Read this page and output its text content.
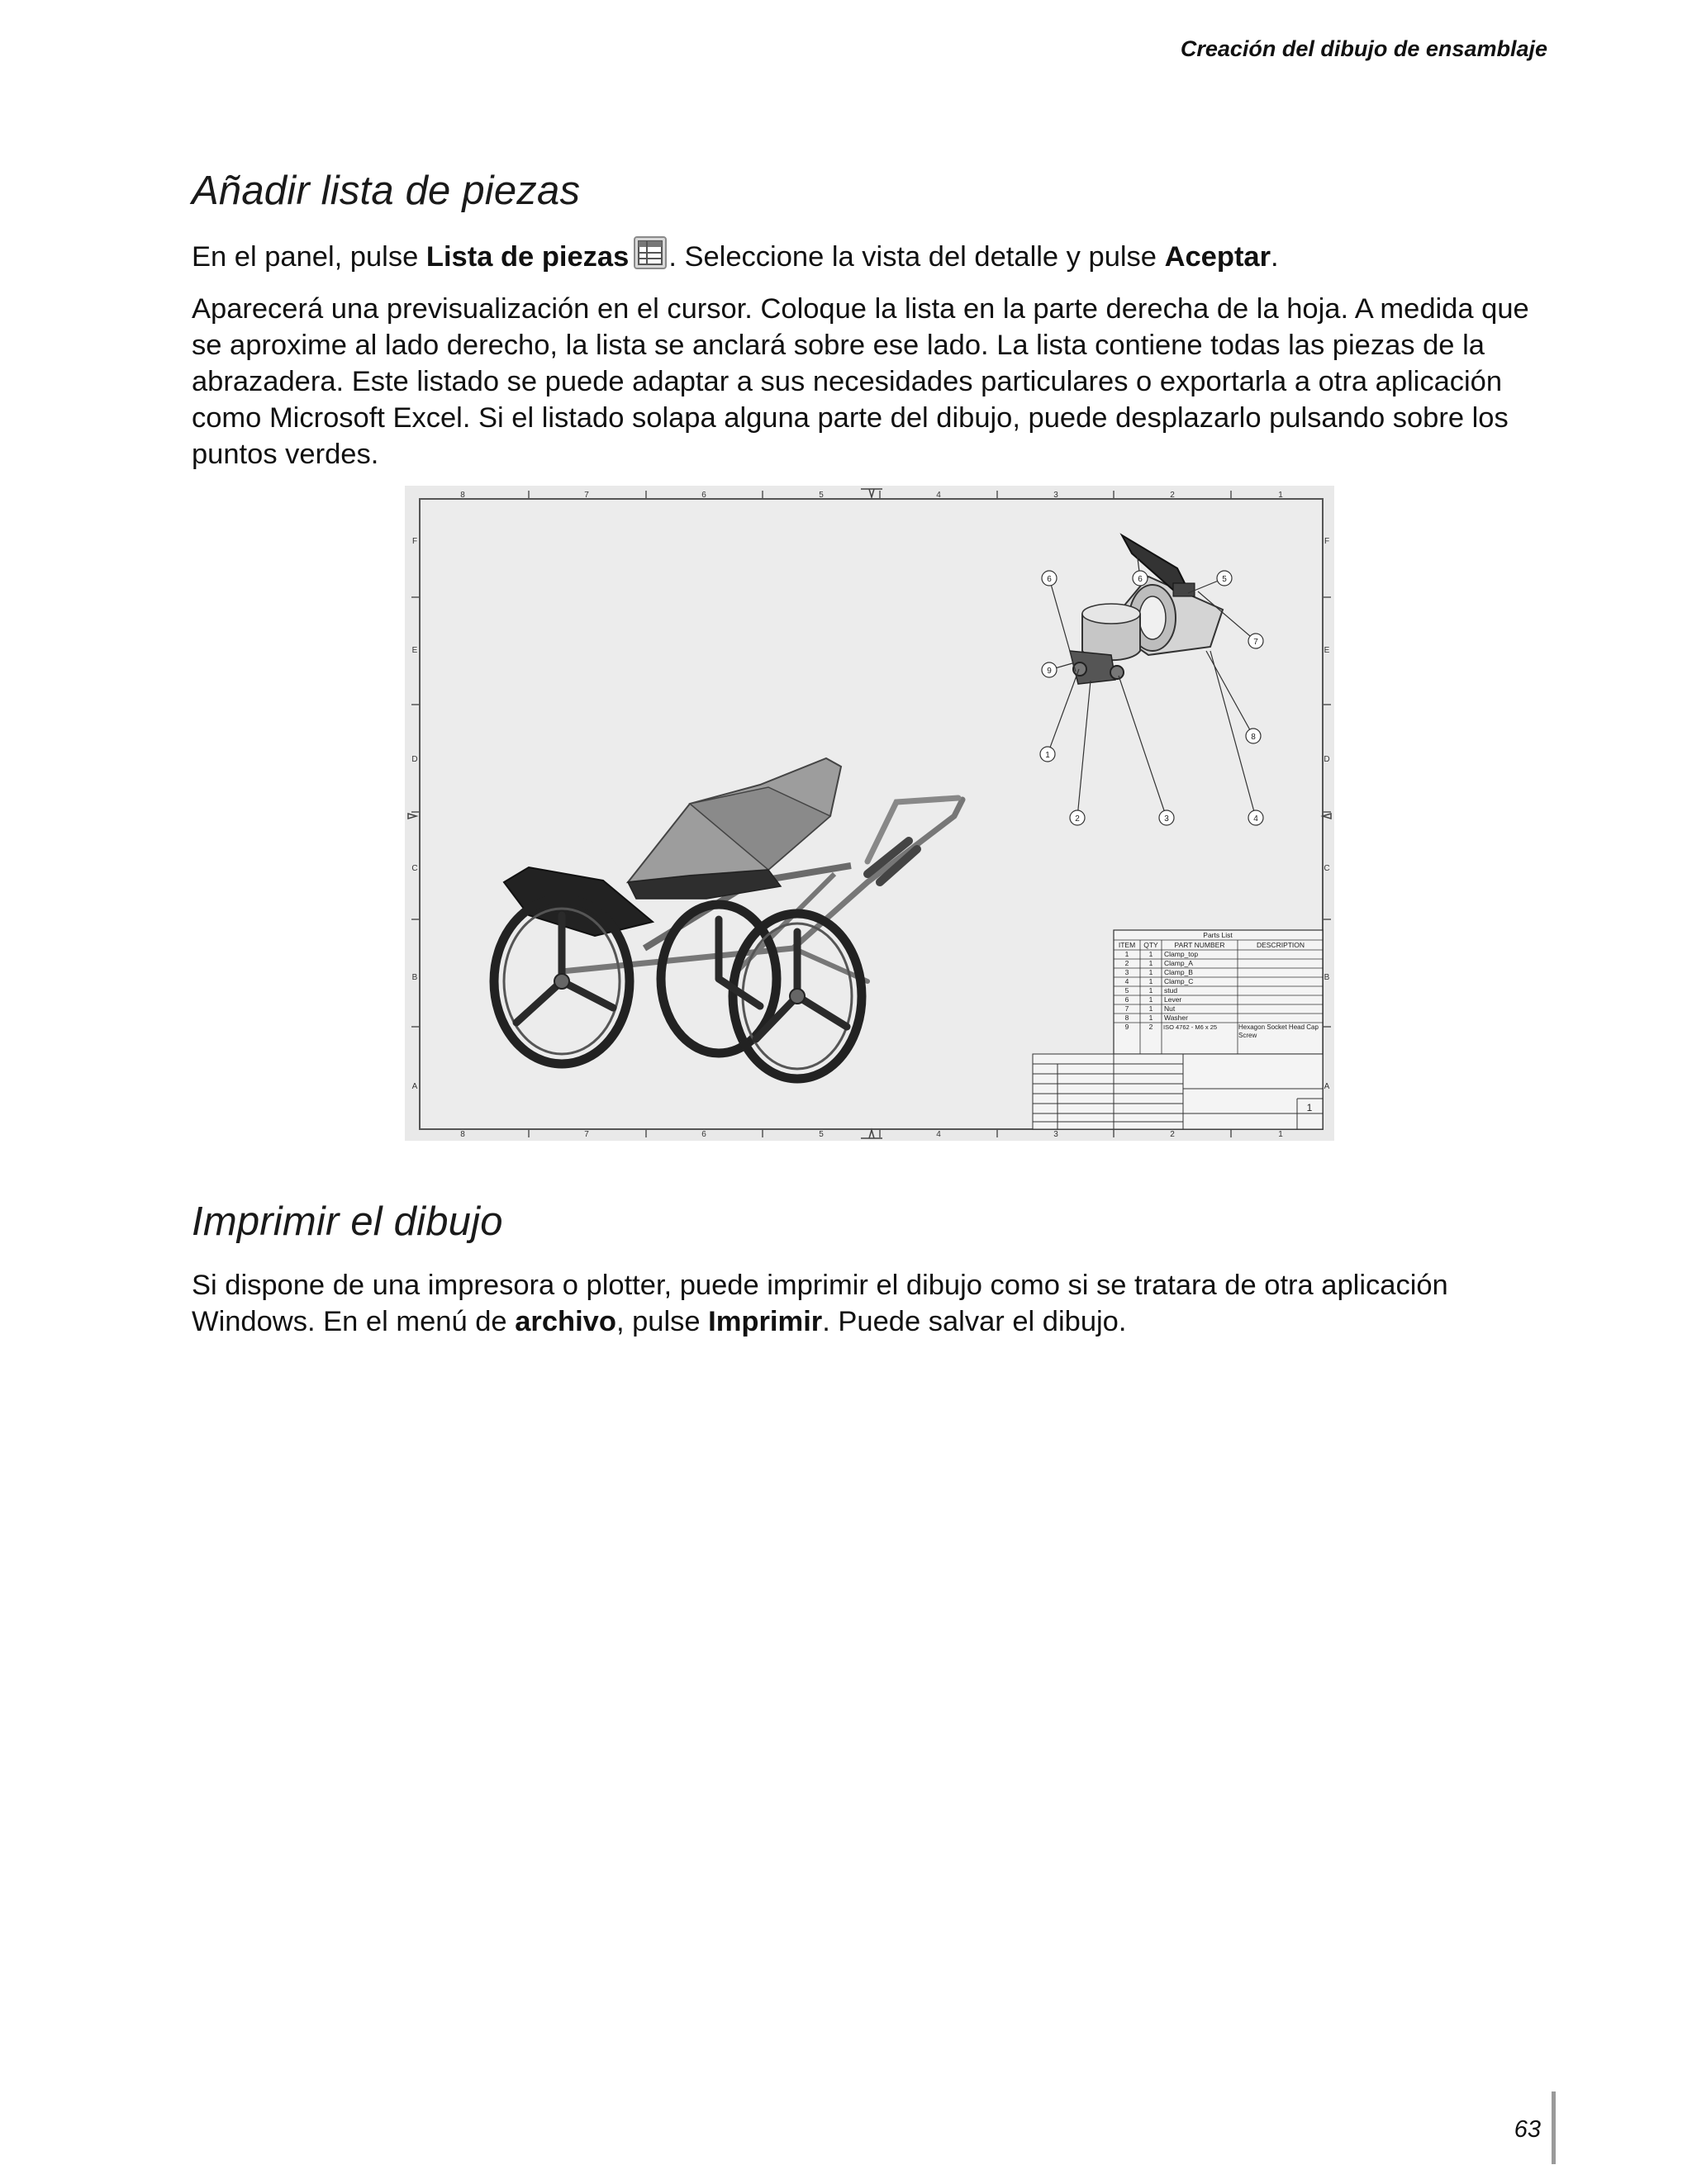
Creación del dibujo de ensamblaje
Añadir lista de piezas

En el panel, pulse Lista de piezas . Seleccione la vista del detalle y pulse Aceptar.

Aparecerá una previsualización en el cursor. Coloque la lista en la parte derecha de la hoja. A medida que se aproxime al lado derecho, la lista se anclará sobre ese lado. La lista contiene todas las piezas de la abrazadera. Este listado se puede adaptar a sus necesidades particulares o exportarla a otra aplicación como Microsoft Excel. Si el listado solapa alguna parte del dibujo, puede desplazarlo pulsando sobre los puntos verdes.

8	7	6	5	4	3	2	1
8	7	6	5	4	3	2	1
F
E
D
C
B
A
F
E
D
C
B
A
6	6	5
7
9
8
1
2	3	4
Parts List
ITEM QTY PART NUMBER	DESCRIPTION
1	1 Clamp_top
2	1 Clamp_A
3	1 Clamp_B
4	1 Clamp_C
5	1 stud
6	1 Lever
7	1 Nut
8	1 Washer
9	2 ISO 4762 - M6 x 25	Hexagon Socket Head Cap Screw
1
Imprimir el dibujo

Si dispone de una impresora o plotter, puede imprimir el dibujo como si se tratara de otra aplicación Windows. En el menú de archivo, pulse Imprimir. Puede salvar el dibujo.

63
